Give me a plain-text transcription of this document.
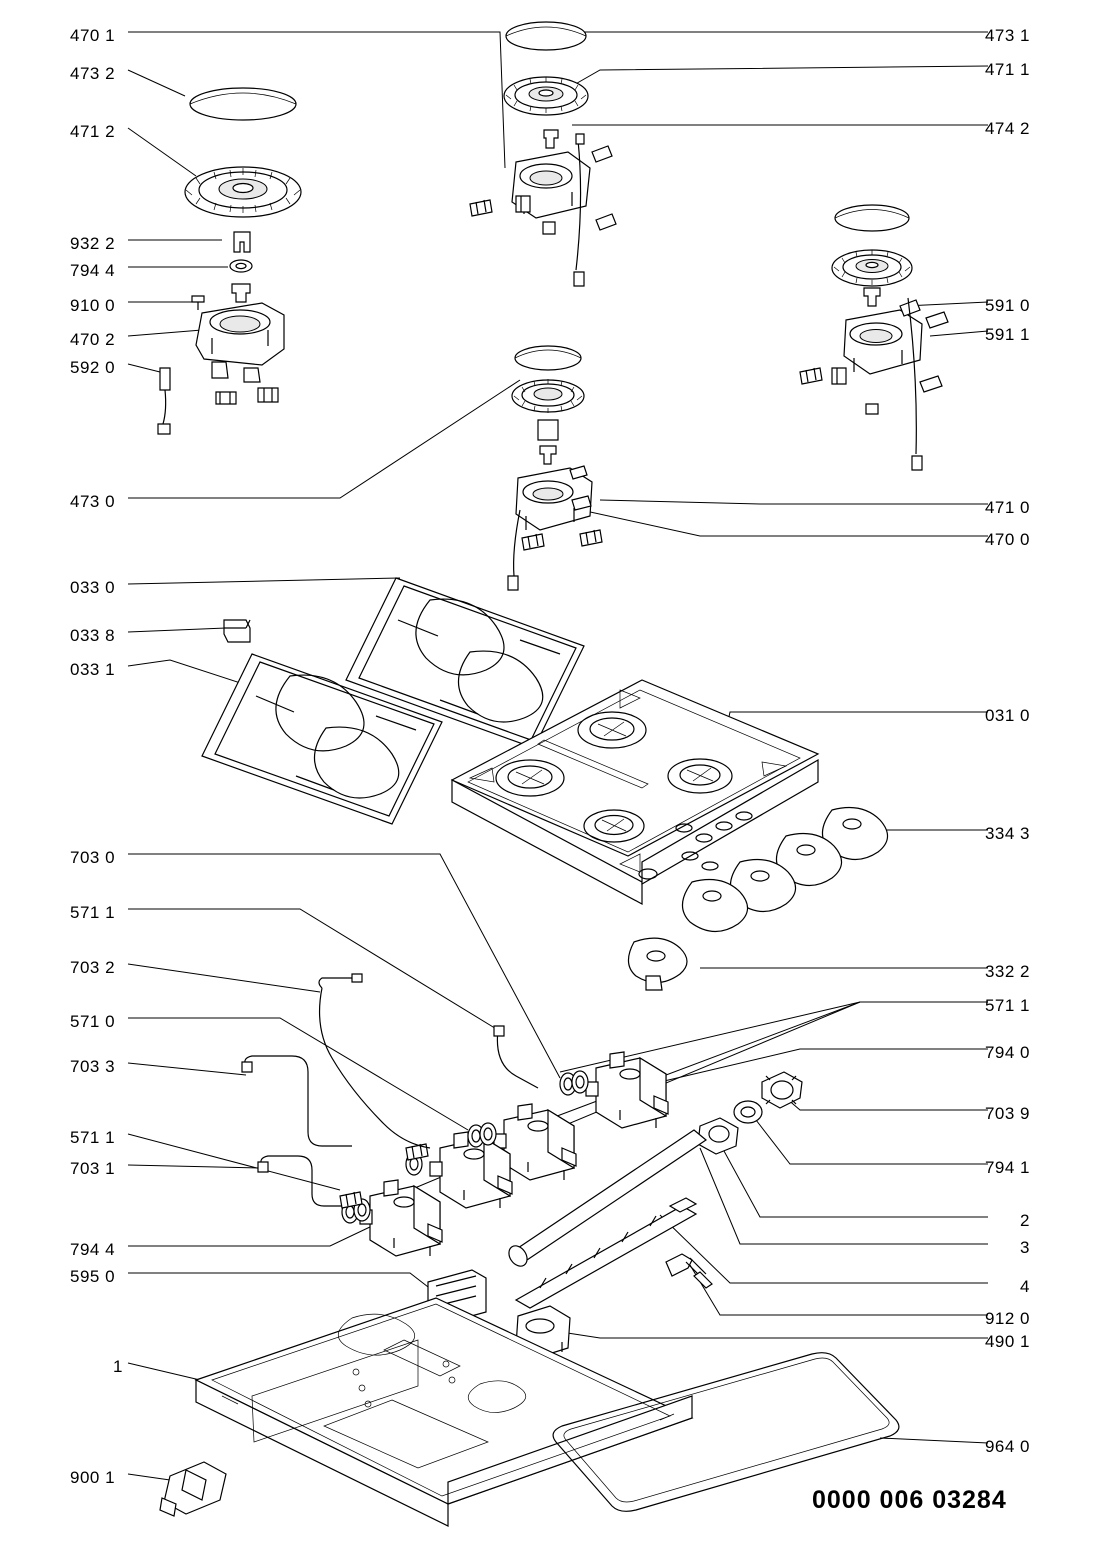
470 1
473 2
471 2
932 2
794 4
910 0
470 2
592 0
473 0
033 0
033 8
033 1
703 0
571 1
703 2
571 0
703 3
571 1
703 1
794 4
595 0
1
900 1
473 1
471 1
474 2
591 0
591 1
471 0
470 0
031 0
334 3
332 2
571 1
794 0
703 9
794 1
2
3
4
912 0
490 1
964 0
0000 006 03284
